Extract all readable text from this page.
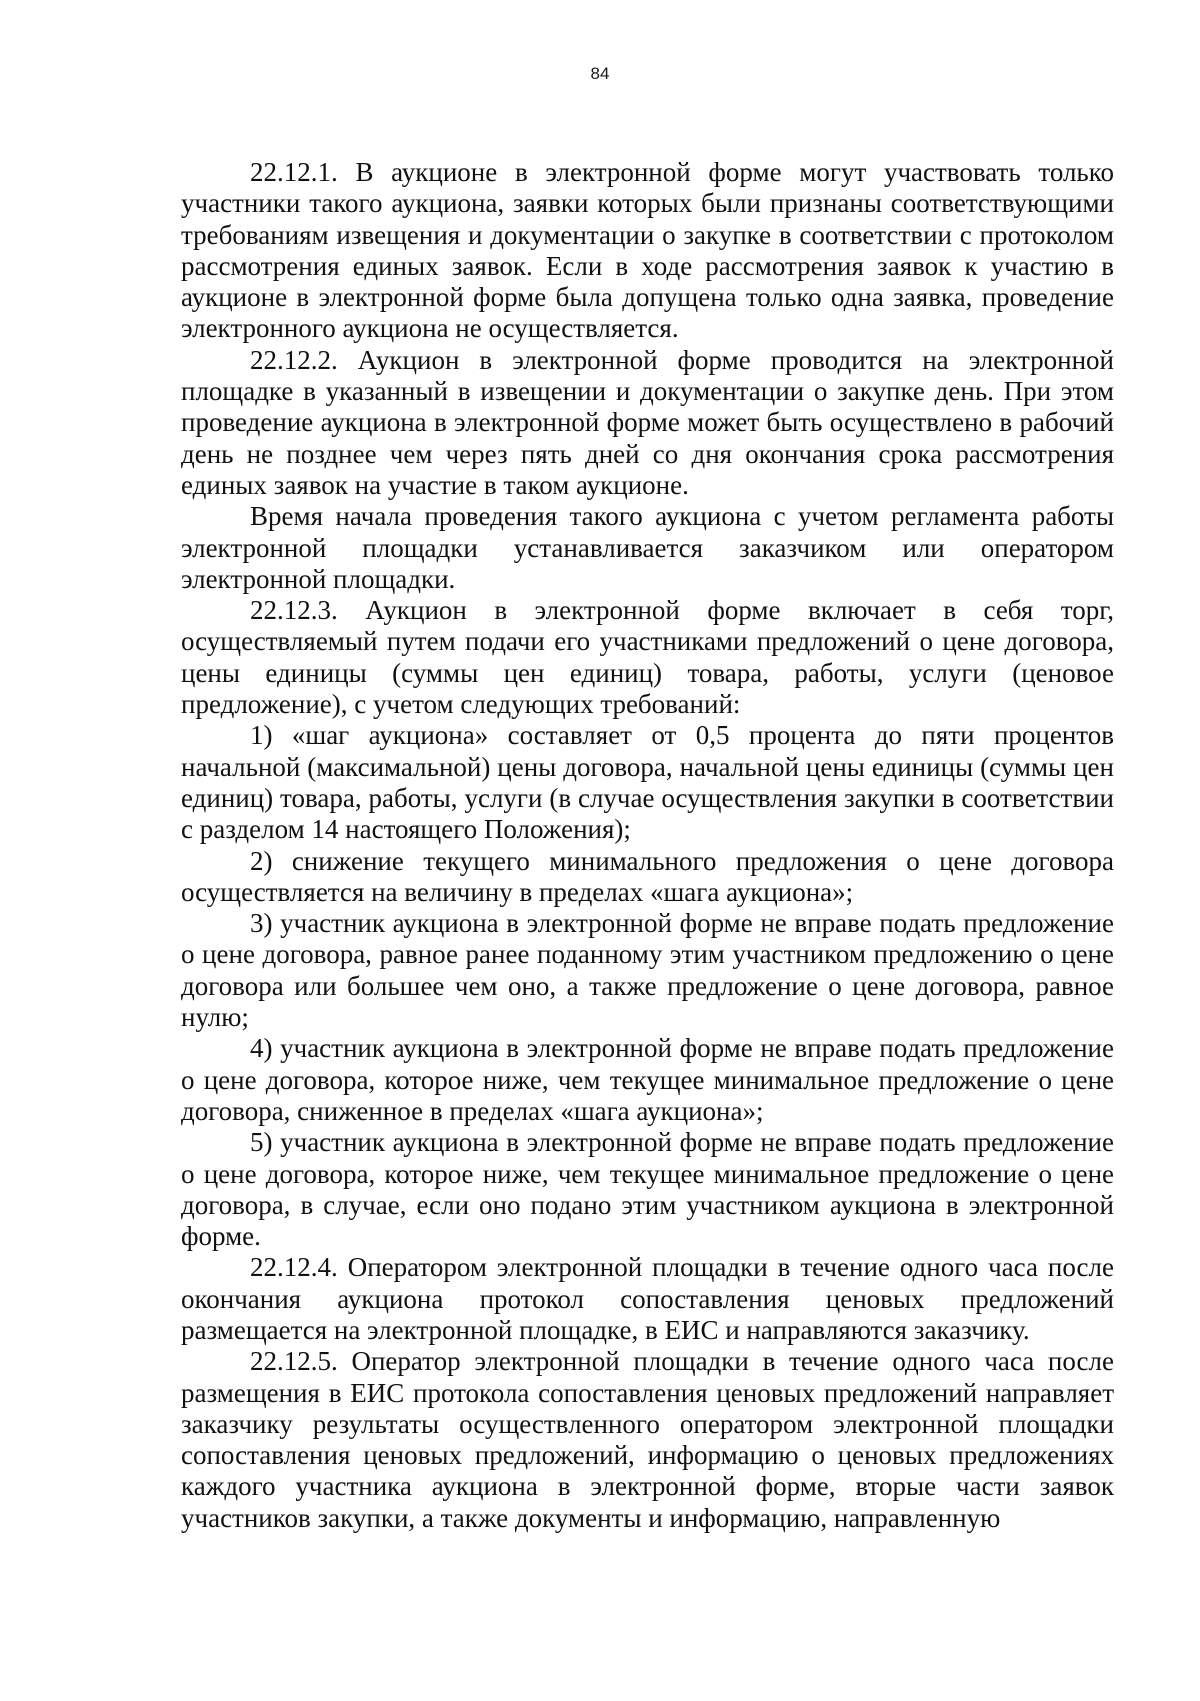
84

22.12.1. В аукционе в электронной форме могут участвовать только участники такого аукциона, заявки которых были признаны соответствующими требованиям извещения и документации о закупке в соответствии с протоколом рассмотрения единых заявок. Если в ходе рассмотрения заявок к участию в аукционе в электронной форме была допущена только одна заявка, проведение электронного аукциона не осуществляется.

22.12.2. Аукцион в электронной форме проводится на электронной площадке в указанный в извещении и документации о закупке день. При этом проведение аукциона в электронной форме может быть осуществлено в рабочий день не позднее чем через пять дней со дня окончания срока рассмотрения единых заявок на участие в таком аукционе.

Время начала проведения такого аукциона с учетом регламента работы электронной площадки устанавливается заказчиком или оператором электронной площадки.

22.12.3. Аукцион в электронной форме включает в себя торг, осуществляемый путем подачи его участниками предложений о цене договора, цены единицы (суммы цен единиц) товара, работы, услуги (ценовое предложение), с учетом следующих требований:

1) «шаг аукциона» составляет от 0,5 процента до пяти процентов начальной (максимальной) цены договора, начальной цены единицы (суммы цен единиц) товара, работы, услуги (в случае осуществления закупки в соответствии с разделом 14 настоящего Положения);

2) снижение текущего минимального предложения о цене договора осуществляется на величину в пределах «шага аукциона»;

3) участник аукциона в электронной форме не вправе подать предложение о цене договора, равное ранее поданному этим участником предложению о цене договора или большее чем оно, а также предложение о цене договора, равное нулю;

4) участник аукциона в электронной форме не вправе подать предложение о цене договора, которое ниже, чем текущее минимальное предложение о цене договора, сниженное в пределах «шага аукциона»;

5) участник аукциона в электронной форме не вправе подать предложение о цене договора, которое ниже, чем текущее минимальное предложение о цене договора, в случае, если оно подано этим участником аукциона в электронной форме.

22.12.4. Оператором электронной площадки в течение одного часа после окончания аукциона протокол сопоставления ценовых предложений размещается на электронной площадке, в ЕИС и направляются заказчику.

22.12.5. Оператор электронной площадки в течение одного часа после размещения в ЕИС протокола сопоставления ценовых предложений направляет заказчику результаты осуществленного оператором электронной площадки сопоставления ценовых предложений, информацию о ценовых предложениях каждого участника аукциона в электронной форме, вторые части заявок участников закупки, а также документы и информацию, направленную
